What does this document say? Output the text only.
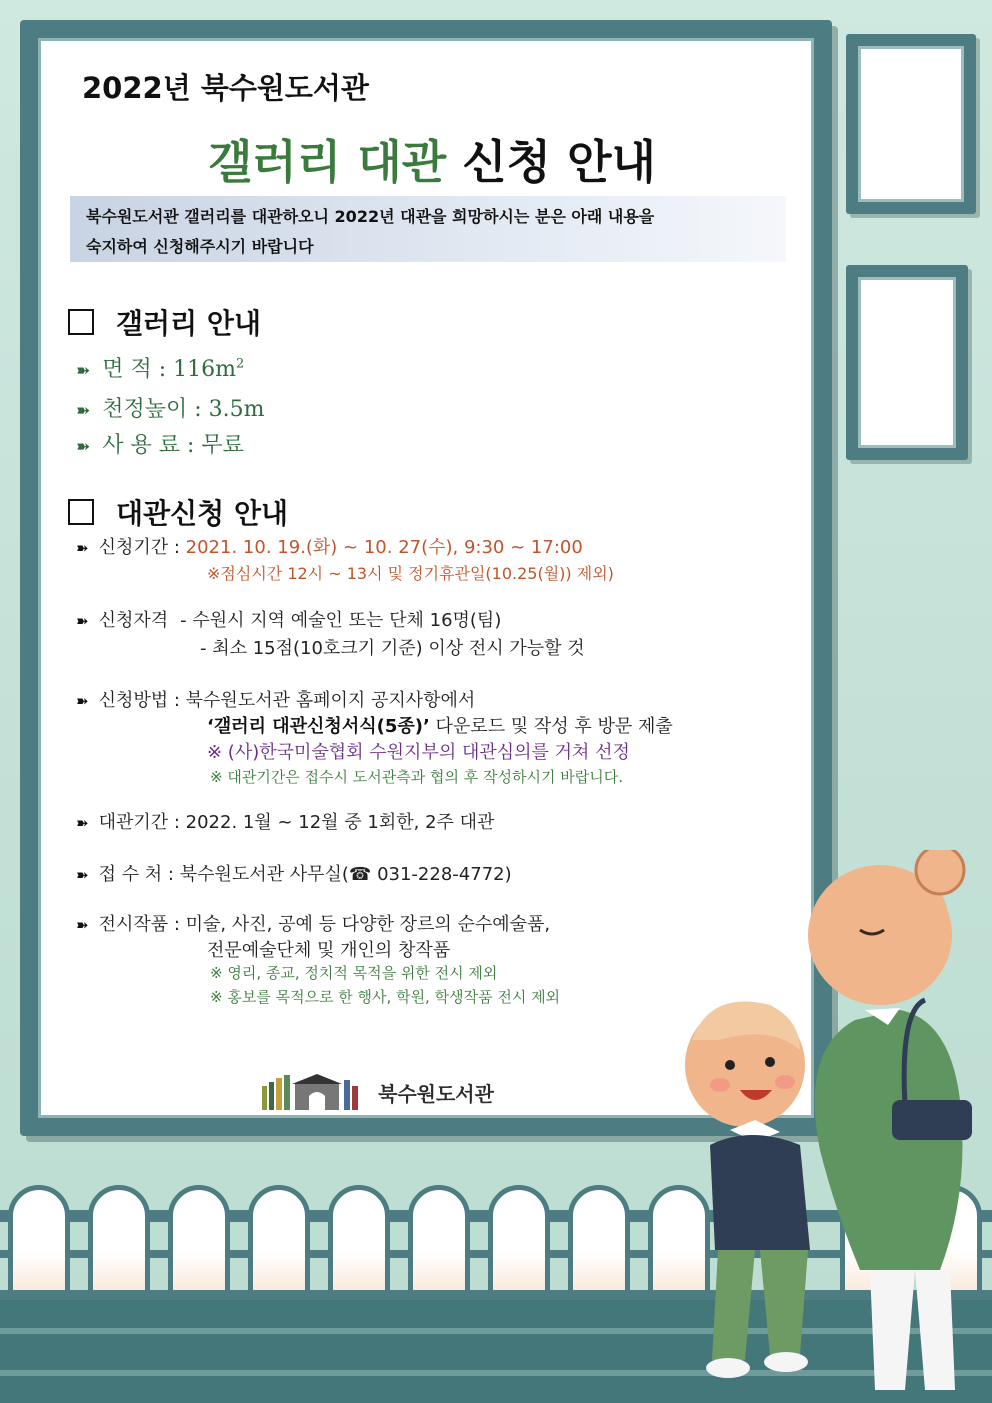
2022년 북수원도서관
갤러리 대관 신청 안내
북수원도서관 갤러리를 대관하오니 2022년 대관을 희망하시는 분은 아래 내용을
숙지하여 신청해주시기 바랍니다
갤러리 안내
➽ 면 적 : $116m^2$
➽ 천정높이 : 3.5m
➽ 사 용 료 : 무료
대관신청 안내
➽ 신청기간 : 2021. 10. 19.(화) ~ 10. 27(수), 9:30 ~ 17:00
※점심시간 12시 ~ 13시 및 정기휴관일(10.25(월)) 제외)
➽ 신청자격 - 수원시 지역 예술인 또는 단체 16명(팀)
- 최소 15점(10호크기 기준) 이상 전시 가능할 것
➽ 신청방법 : 북수원도서관 홈페이지 공지사항에서
‘갤러리 대관신청서식(5종)’ 다운로드 및 작성 후 방문 제출
※ (사)한국미술협회 수원지부의 대관심의를 거쳐 선정
※ 대관기간은 접수시 도서관측과 협의 후 작성하시기 바랍니다.
➽ 대관기간 : 2022. 1월 ~ 12월 중 1회한, 2주 대관
➽ 접 수 처 : 북수원도서관 사무실(☎ 031-228-4772)
➽ 전시작품 : 미술, 사진, 공예 등 다양한 장르의 순수예술품,
전문예술단체 및 개인의 창작품
※ 영리, 종교, 정치적 목적을 위한 전시 제외
※ 홍보를 목적으로 한 행사, 학원, 학생작품 전시 제외
북수원도서관
